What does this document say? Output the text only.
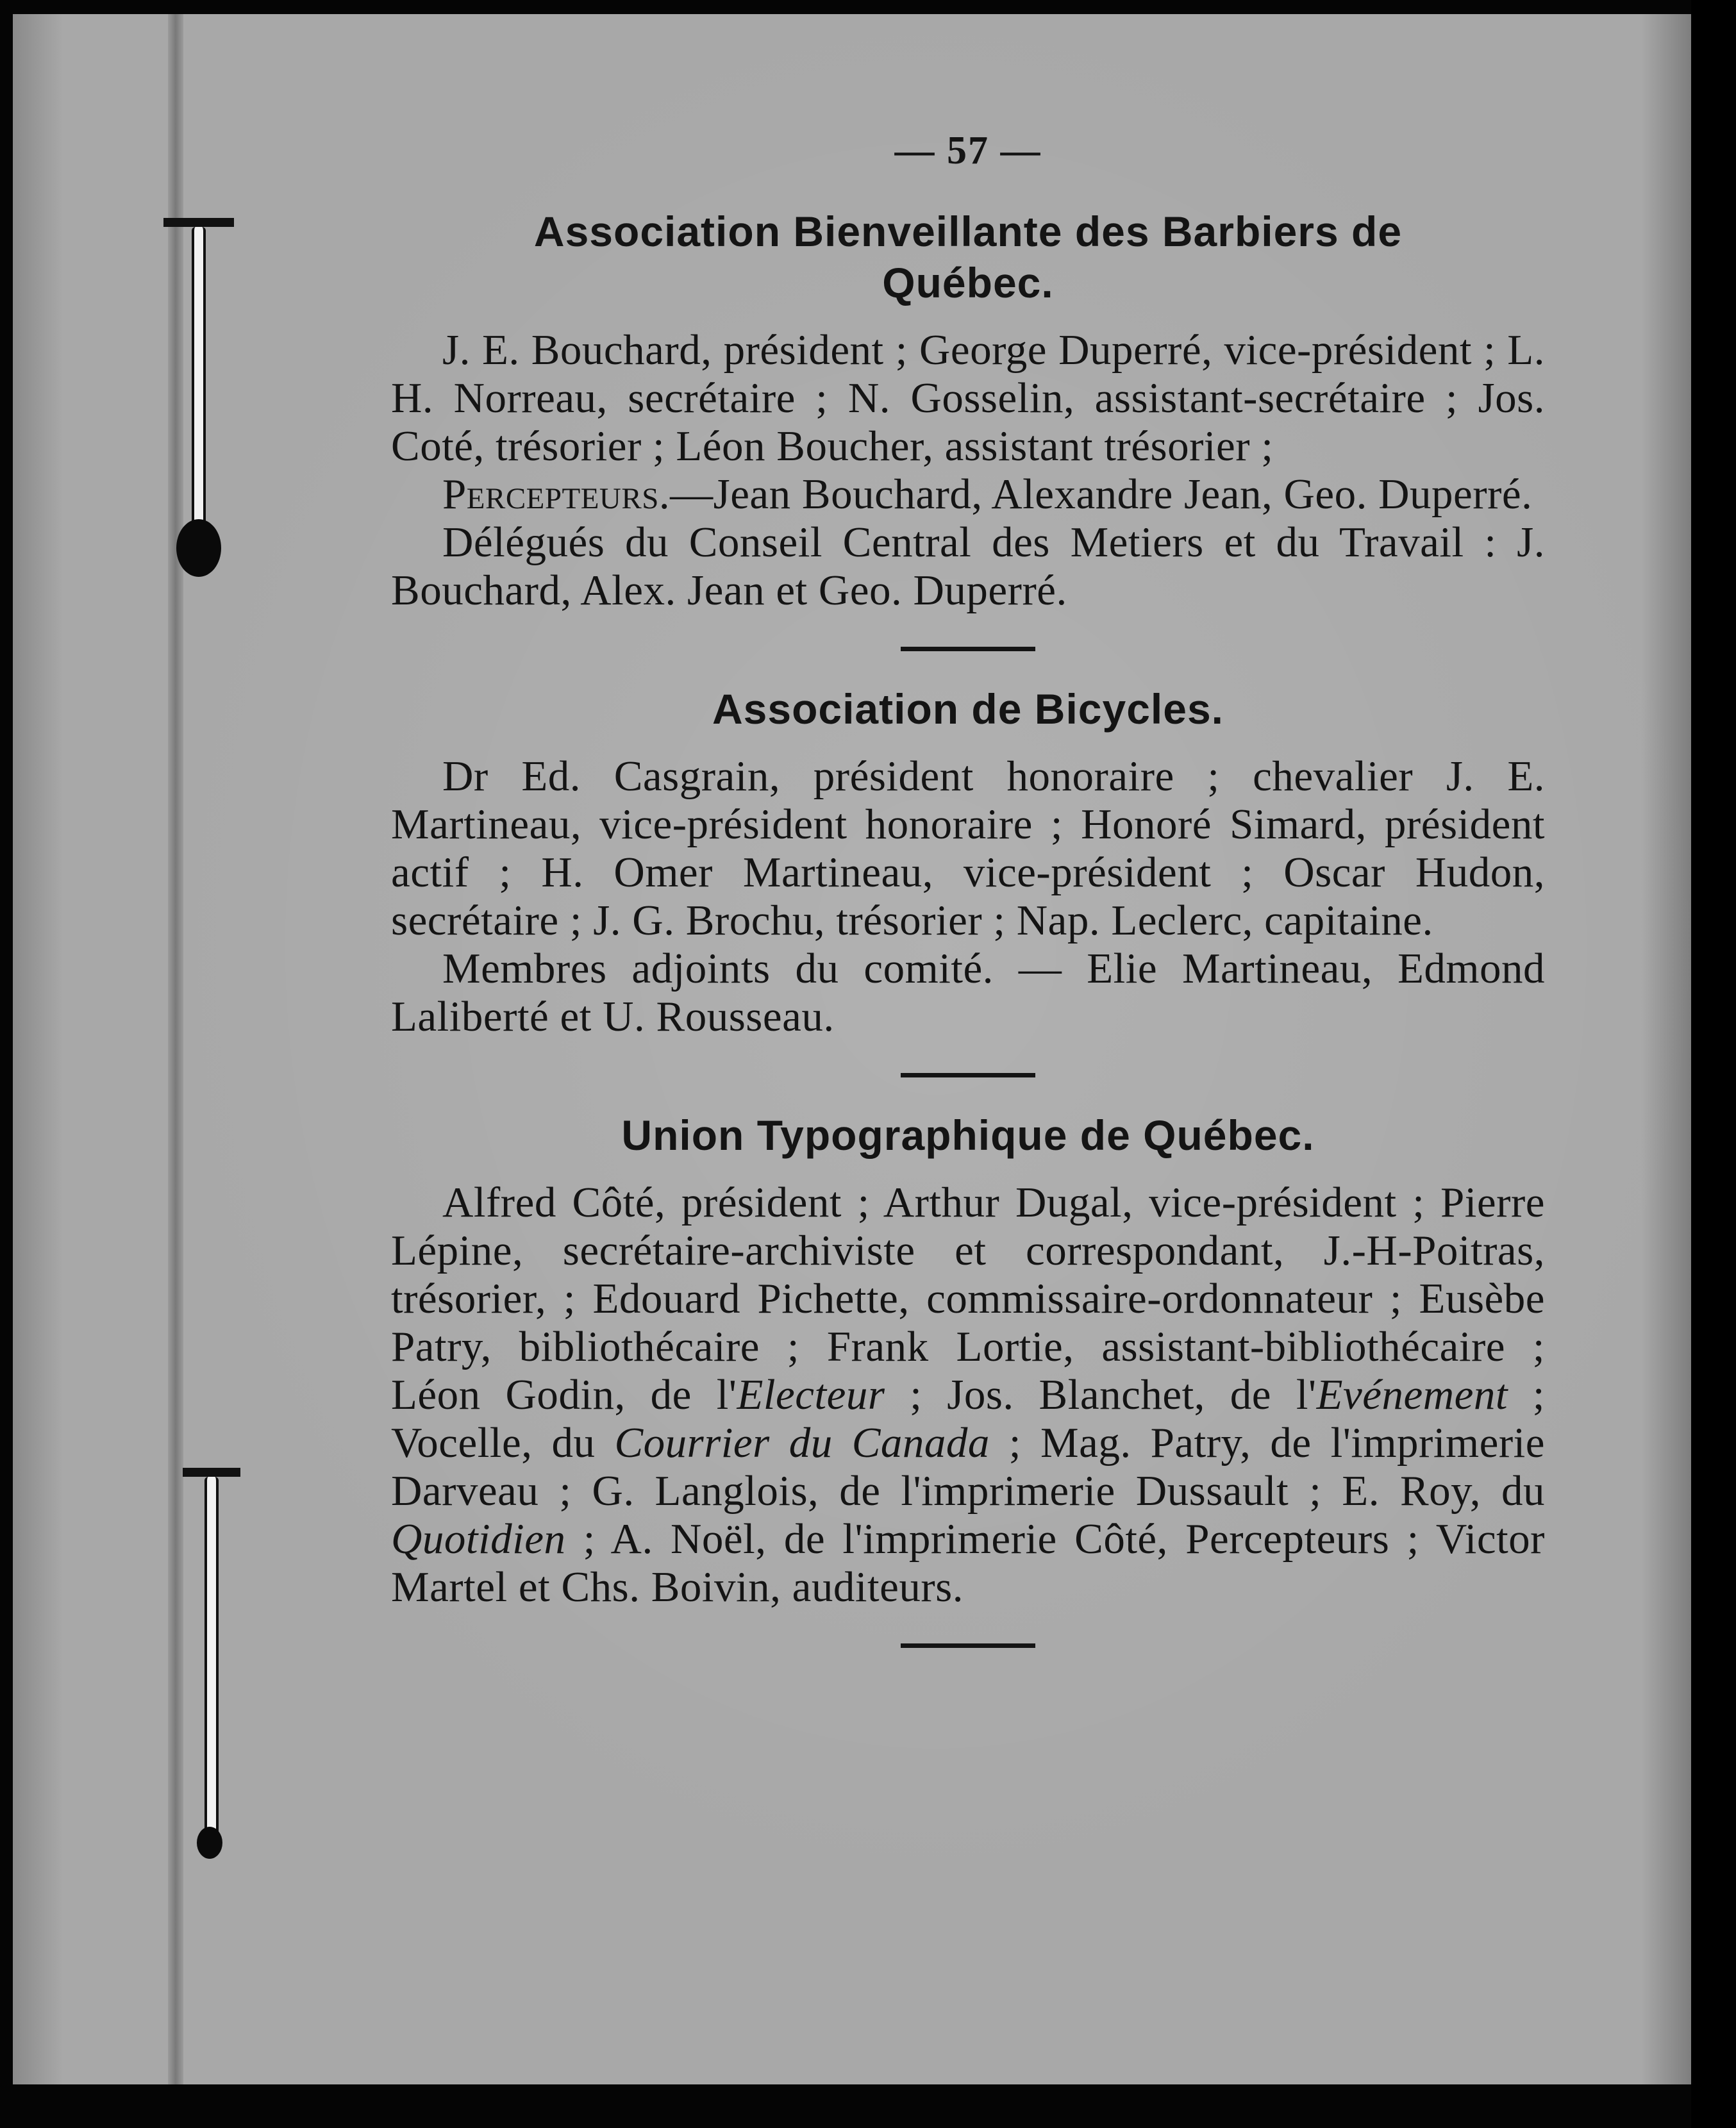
— 57 —
Association Bienveillante des Barbiers de
Québec.

J. E. Bouchard, président ; George Duperré, vice-président ; L. H. Norreau, secrétaire ; N. Gosselin, assistant-secrétaire ; Jos. Coté, trésorier ; Léon Boucher, assistant trésorier ;

Percepteurs.—Jean Bouchard, Alexandre Jean, Geo. Duperré.

Délégués du Conseil Central des Metiers et du Travail : J. Bouchard, Alex. Jean et Geo. Duperré.

Association de Bicycles.

Dr Ed. Casgrain, président honoraire ; chevalier J. E. Martineau, vice-président honoraire ; Honoré Simard, président actif ; H. Omer Martineau, vice-président ; Oscar Hudon, secrétaire ; J. G. Brochu, trésorier ; Nap. Leclerc, capitaine.

Membres adjoints du comité. — Elie Martineau, Edmond Laliberté et U. Rousseau.

Union Typographique de Québec.

Alfred Côté, président ; Arthur Dugal, vice-président ; Pierre Lépine, secrétaire-archiviste et correspondant, J.-H-Poitras, trésorier, ; Edouard Pichette, commissaire-ordonnateur ; Eusèbe Patry, bibliothécaire ; Frank Lortie, assistant-bibliothécaire ; Léon Godin, de l'Electeur ; Jos. Blanchet, de l'Evénement ; Vocelle, du Courrier du Canada ; Mag. Patry, de l'imprimerie Darveau ; G. Langlois, de l'imprimerie Dussault ; E. Roy, du Quotidien ; A. Noël, de l'imprimerie Côté, Percepteurs ; Victor Martel et Chs. Boivin, auditeurs.
